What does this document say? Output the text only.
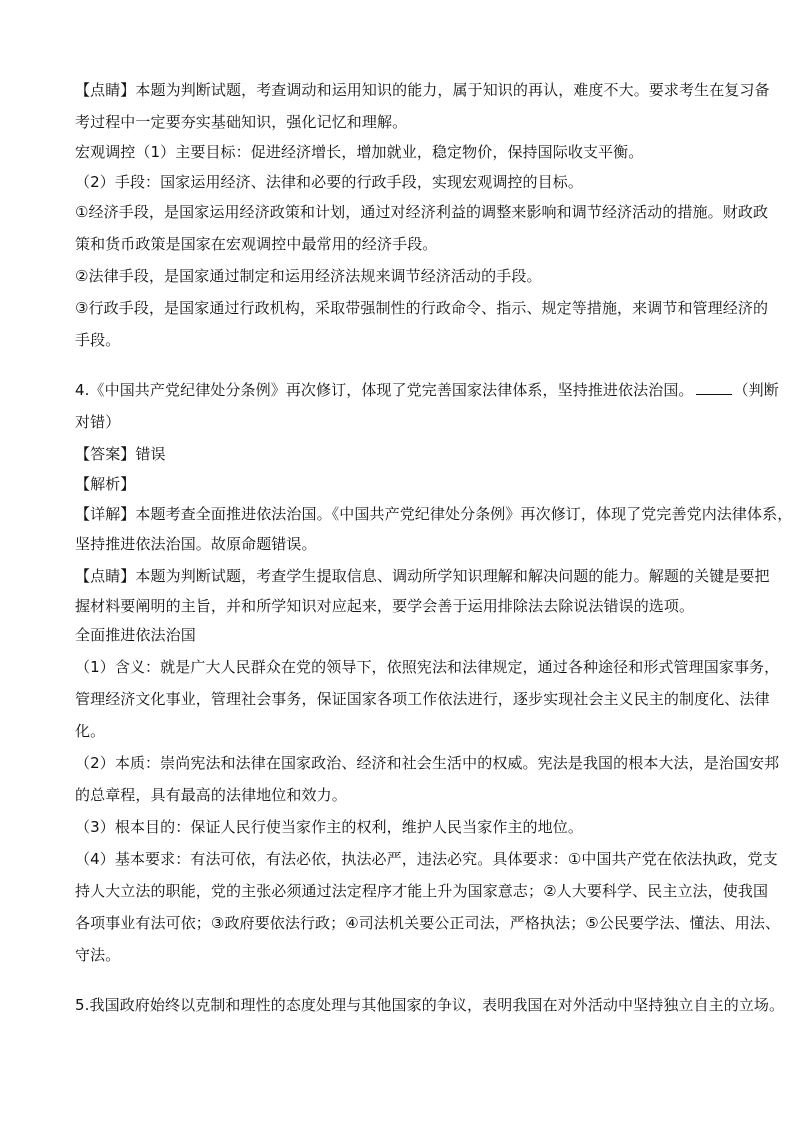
【点睛】本题为判断试题，考查调动和运用知识的能力，属于知识的再认，难度不大。要求考生在复习备
考过程中一定要夯实基础知识，强化记忆和理解。
宏观调控（1）主要目标：促进经济增长，增加就业，稳定物价，保持国际收支平衡。
（2）手段：国家运用经济、法律和必要的行政手段，实现宏观调控的目标。
①经济手段，是国家运用经济政策和计划，通过对经济利益的调整来影响和调节经济活动的措施。财政政
策和货币政策是国家在宏观调控中最常用的经济手段。
②法律手段，是国家通过制定和运用经济法规来调节经济活动的手段。
③行政手段，是国家通过行政机构，采取带强制性的行政命令、指示、规定等措施，来调节和管理经济的
手段。
4.《中国共产党纪律处分条例》再次修订，体现了党完善国家法律体系，坚持推进依法治国。	（判断
对错）
【答案】错误
【解析】
【详解】本题考查全面推进依法治国。《中国共产党纪律处分条例》再次修订，体现了党完善党内法律体系，
坚持推进依法治国。故原命题错误。
【点睛】本题为判断试题，考查学生提取信息、调动所学知识理解和解决问题的能力。解题的关键是要把
握材料要阐明的主旨，并和所学知识对应起来，要学会善于运用排除法去除说法错误的选项。
全面推进依法治国
（1）含义：就是广大人民群众在党的领导下，依照宪法和法律规定，通过各种途径和形式管理国家事务，
管理经济文化事业，管理社会事务，保证国家各项工作依法进行，逐步实现社会主义民主的制度化、法律
化。
（2）本质：崇尚宪法和法律在国家政治、经济和社会生活中的权威。宪法是我国的根本大法，是治国安邦
的总章程，具有最高的法律地位和效力。
（3）根本目的：保证人民行使当家作主的权利，维护人民当家作主的地位。
（4）基本要求：有法可依，有法必依，执法必严，违法必究。具体要求：①中国共产党在依法执政，党支
持人大立法的职能，党的主张必须通过法定程序才能上升为国家意志；②人大要科学、民主立法，使我国
各项事业有法可依；③政府要依法行政；④司法机关要公正司法，严格执法；⑤公民要学法、懂法、用法、
守法。
5.我国政府始终以克制和理性的态度处理与其他国家的争议，表明我国在对外活动中坚持独立自主的立场。
